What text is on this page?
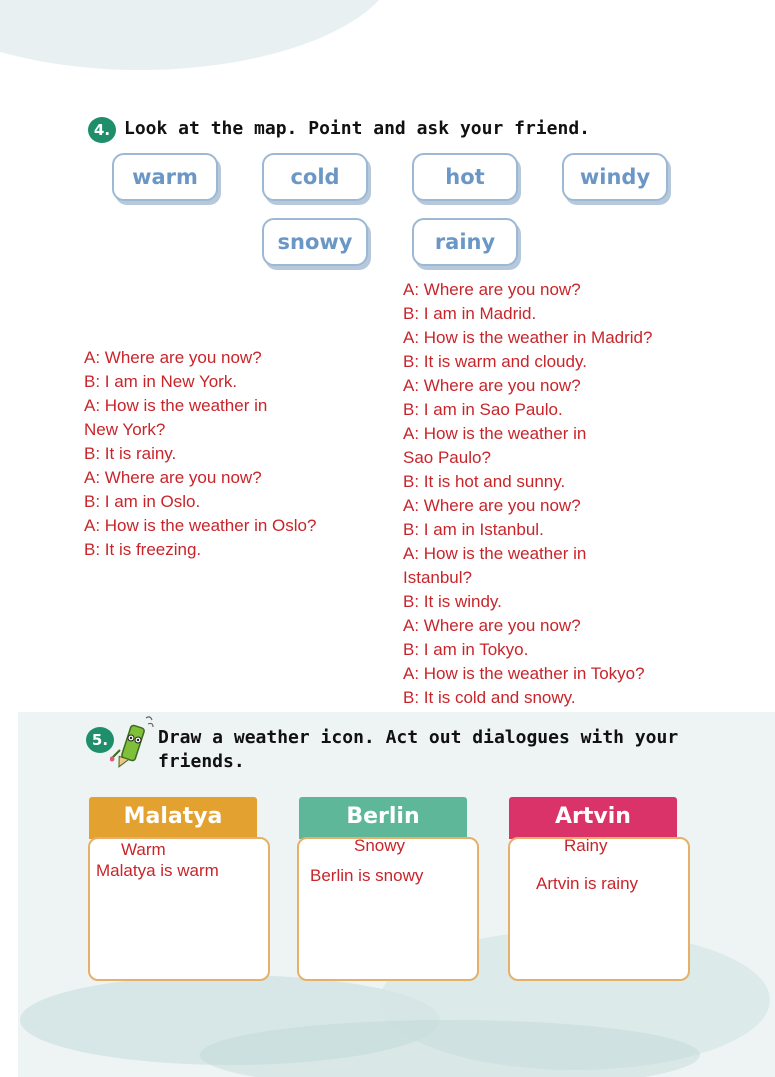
4. Look at the map. Point and ask your friend.
warm	cold	hot	windy
snowy	rainy
A: Where are you now?
B: I am in New York.
A: How is the weather in
New York?
B: It is rainy.
A: Where are you now?
B: I am in Oslo.
A: How is the weather in Oslo?
B: It is freezing.
A: Where are you now?
B: I am in Madrid.
A: How is the weather in Madrid?
B: It is warm and cloudy.
A: Where are you now?
B: I am in Sao Paulo.
A: How is the weather in
Sao Paulo?
B: It is hot and sunny.
A: Where are you now?
B: I am in Istanbul.
A: How is the weather in
Istanbul?
B: It is windy.
A: Where are you now?
B: I am in Tokyo.
A: How is the weather in Tokyo?
B: It is cold and snowy.
5.	Draw a weather icon. Act out dialogues with your
friends.
Malatya
Warm
Malatya is warm
Berlin
Snowy
Berlin is snowy
Artvin
Rainy
Artvin is rainy
